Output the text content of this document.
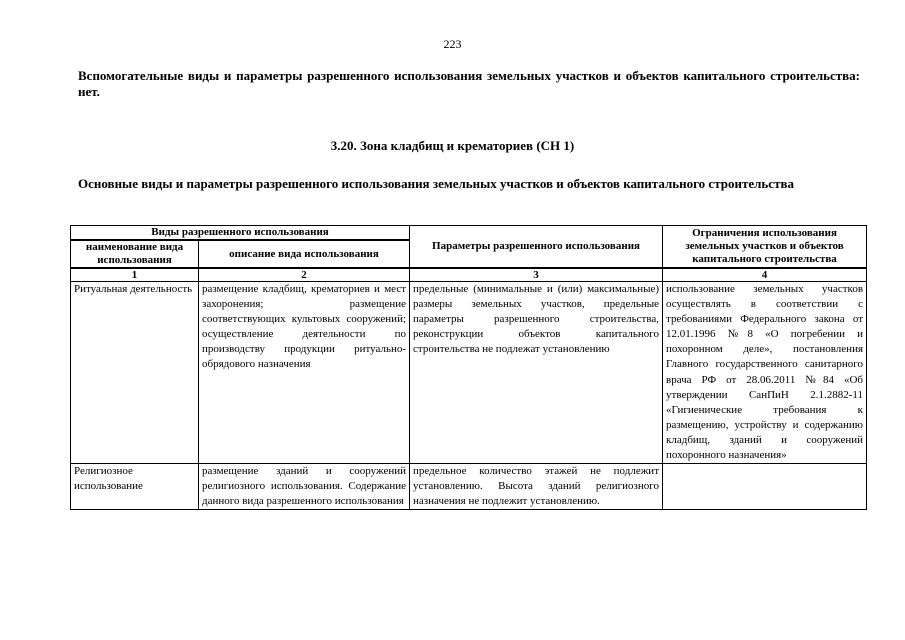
223
Вспомогательные виды и параметры разрешенного использования земельных участков и объектов капитального строительства: нет.
3.20. Зона кладбищ и крематориев (СН 1)
Основные виды и параметры разрешенного использования земельных участков и объектов капитального строительства
Виды разрешенного использования		Параметры разрешенного использования	Ограничения использования земельных участков и объектов капитального строительства
наименование вида использования	описание вида использования		
1	2	3	4
Ритуальная деятельность	размещение кладбищ, крематориев и мест захоронения; размещение соответствующих культовых сооружений; осуществление деятельности по производству продукции ритуально-обрядового назначения	предельные (минимальные и (или) максимальные) размеры земельных участков, предельные параметры разрешенного строительства, реконструкции объектов капитального строительства не подлежат установлению	использование земельных участков осуществлять в соответствии с требованиями Федерального закона от 12.01.1996 №8 «О погребении и похоронном деле», постановления Главного государственного санитарного врача РФ от 28.06.2011 №84 «Об утверждении СанПиН 2.1.2882-11 «Гигиенические требования к размещению, устройству и содержанию кладбищ, зданий и сооружений похоронного назначения»
Религиозное использование	размещение зданий и сооружений религиозного использования. Содержание данного вида разрешенного использования	предельное количество этажей не подлежит установлению. Высота зданий религиозного назначения не подлежит установлению.	
